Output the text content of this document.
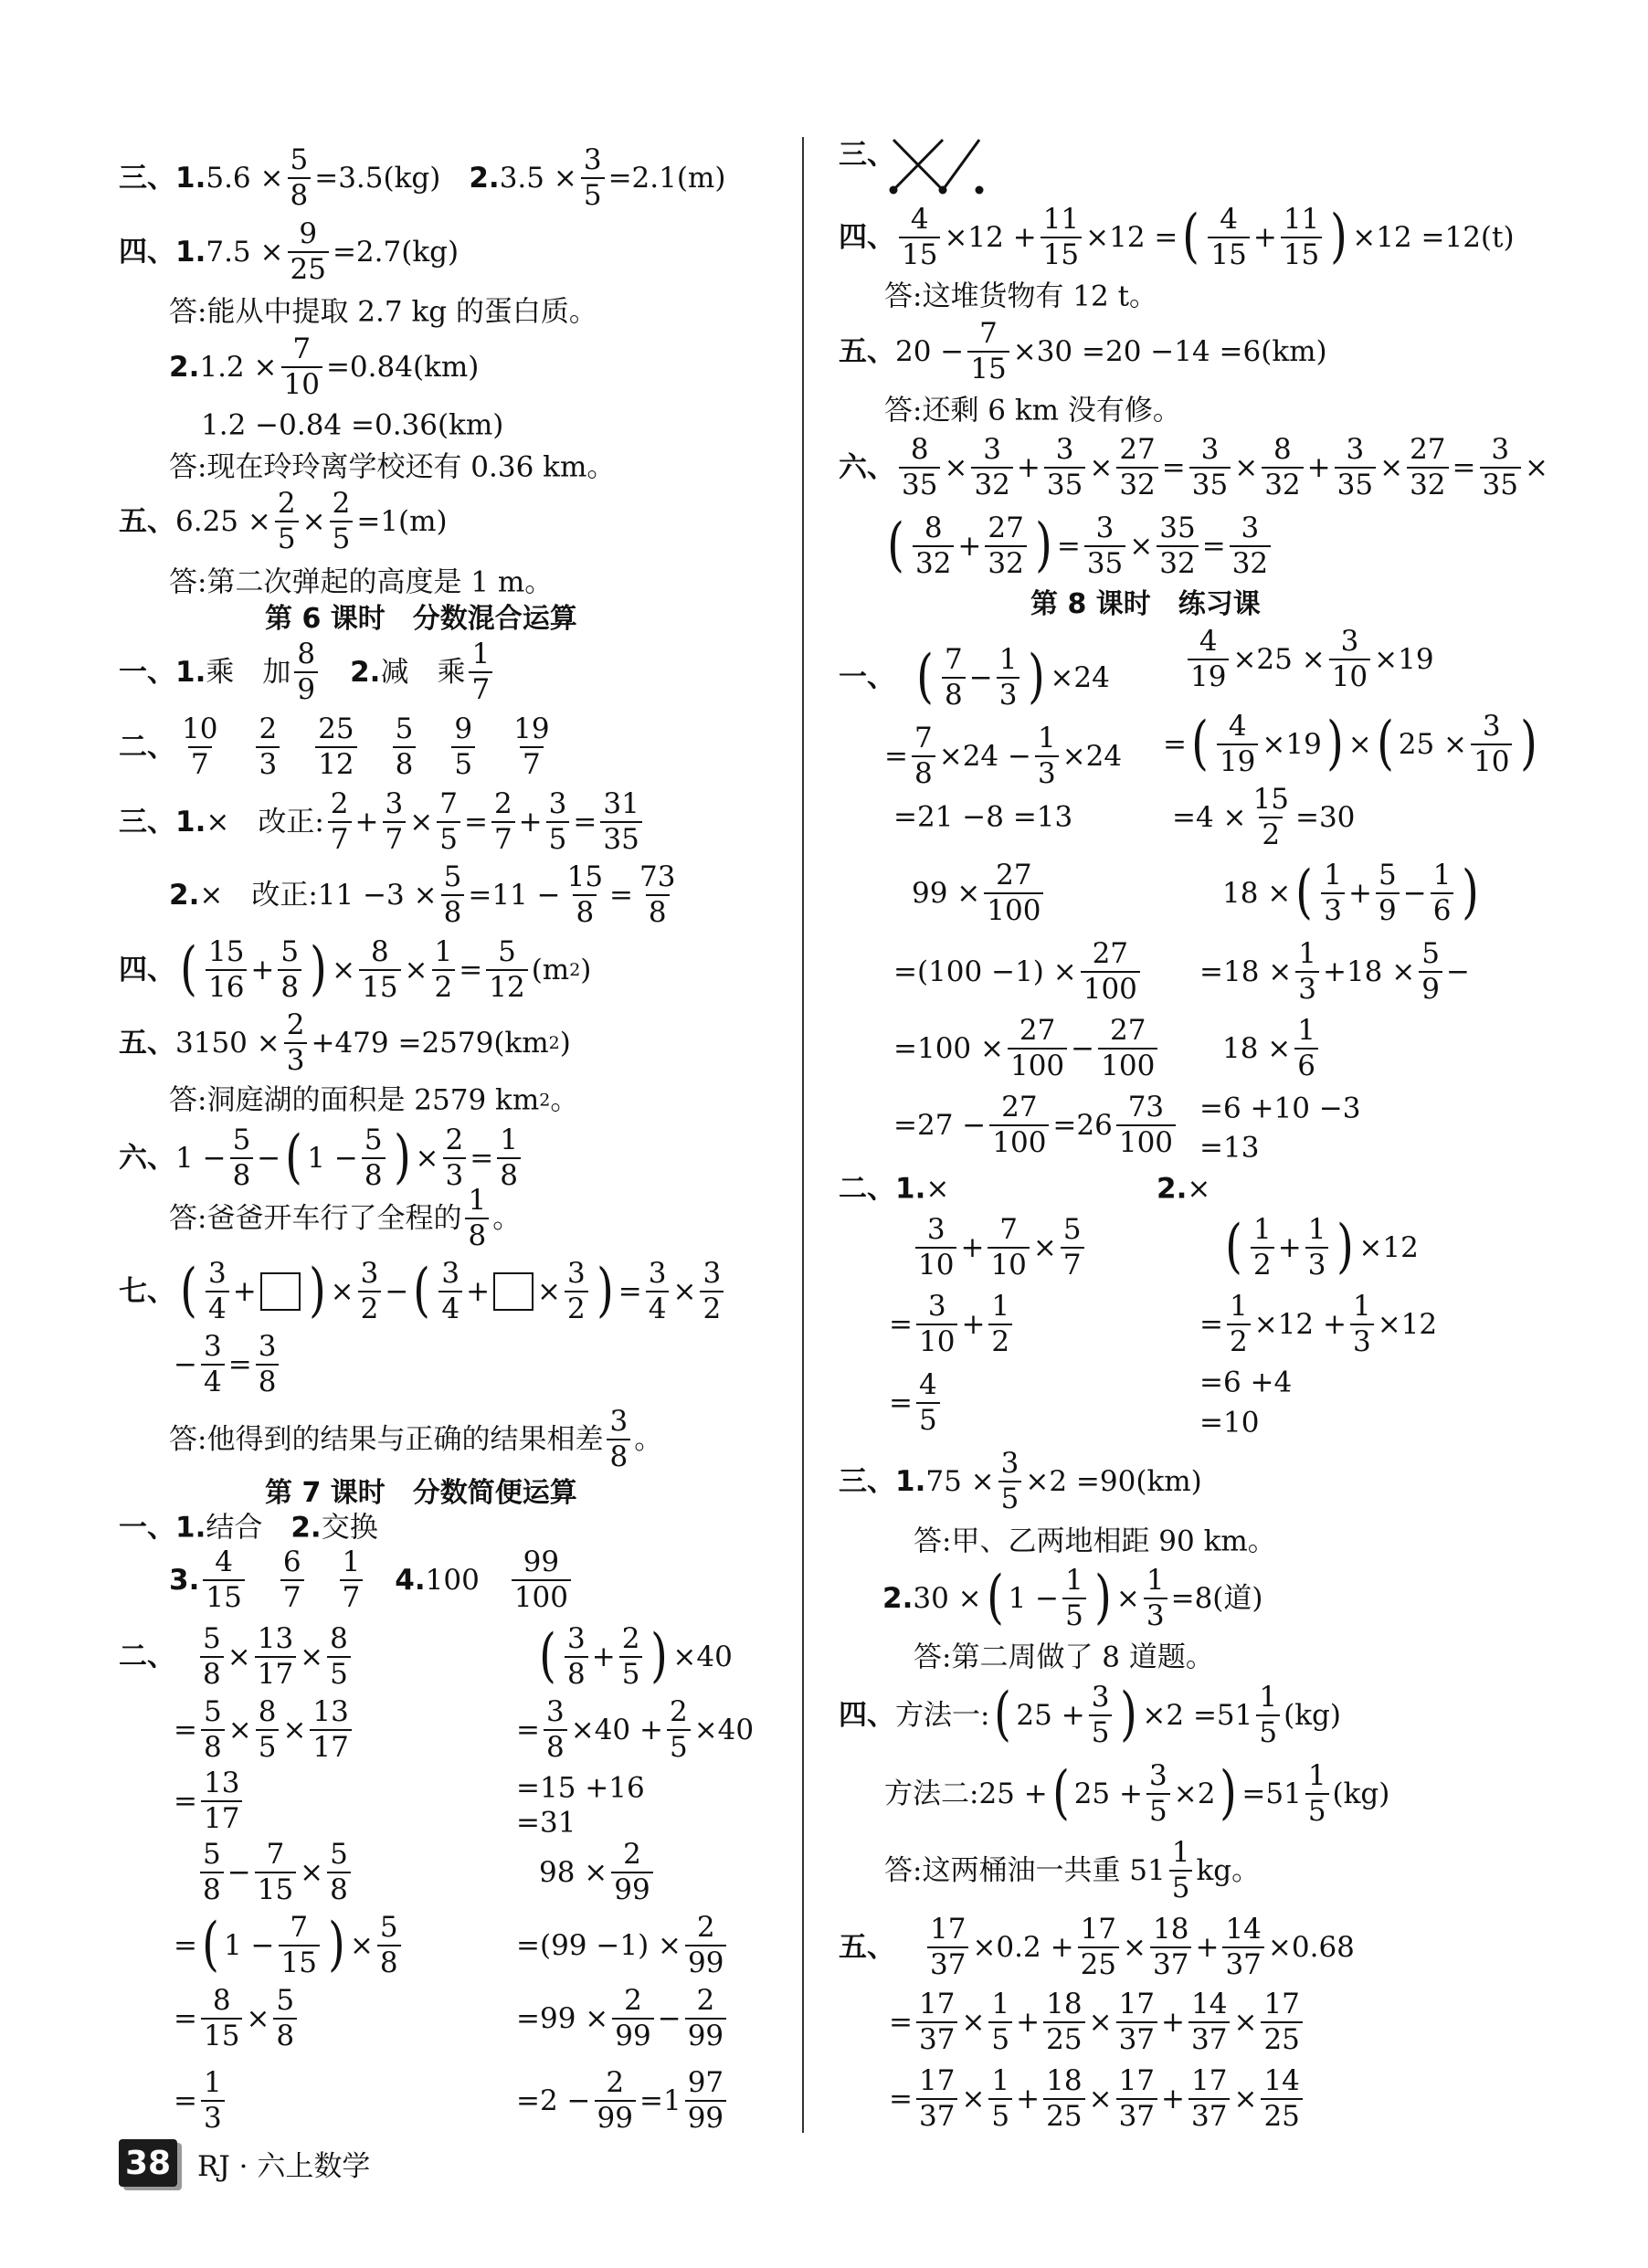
三、1. $5.6 \times \frac{5}{8} =3.5(kg)$　 2. $3.5 \times \frac{3}{5} =2.1(m)$
四、1. $7.5 \times \frac{9}{25} =2.7(kg)$
答:能从中提取 2.7 kg 的蛋白质。
2. $1.2 \times \frac{7}{10} =0.84(km)$
1.2 −0.84 =0.36(km)
答:现在玲玲离学校还有 0.36 km。
五、 $6.25 \times \frac{2}{5} \times \frac{2}{5} =1(m)$
答:第二次弹起的高度是 1 m。
第 6 课时　分数混合运算
一、1. 乘　加 $\frac{8}{9}$
　 2. 减　乘 $\frac{1}{7}$
二、 $\frac{10}{7}$
　 $\frac{2}{3}$
　 $\frac{25}{12}$
　 $\frac{5}{8}$
　 $\frac{9}{5}$
　 $\frac{19}{7}$
三、1. ×　改正: $\frac{2}{7} + \frac{3}{7} \times \frac{7}{5} = \frac{2}{7} + \frac{3}{5} = \frac{31}{35}$
2. ×　改正:11 $-3 \times \frac{5}{8} =11 - \frac{15}{8} = \frac{73}{8}$
四、 ( $\frac{15}{16} + \frac{5}{8}$ ) × $\frac{8}{15} \times \frac{1}{2} = \frac{5}{12} (m$ 2 )
五、 $3150 \times \frac{2}{3} +479 =2579(km$ 2 )
答:洞庭湖的面积是 2579 km 2 。
六、 $1 - \frac{5}{8}$ − ( $1 - \frac{5}{8}$ ) × $\frac{2}{3} = \frac{1}{8}$
答:爸爸开车行了全程的 $\frac{1}{8}$ 。
七、 ( $\frac{3}{4}$ + ) × $\frac{3}{2}$ − ( $\frac{3}{4}$ + × $\frac{3}{2}$ ) = $\frac{3}{4} \times \frac{3}{2}$
− $\frac{3}{4} = \frac{3}{8}$
答:他得到的结果与正确的结果相差 $\frac{3}{8}$ 。
第 7 课时　分数简便运算
一、1. 结合　 2. 交换
3. $\frac{4}{15}$
　 $\frac{6}{7}$
　 $\frac{1}{7}$
　 4. 100　 $\frac{99}{100}$
二、 $\frac{5}{8} \times \frac{13}{17} \times \frac{8}{5}$
= $\frac{5}{8} \times \frac{8}{5} \times \frac{13}{17}$
= $\frac{13}{17}$
$\frac{5}{8} - \frac{7}{15} \times \frac{5}{8}$
= ( $1 - \frac{7}{15}$ ) × $\frac{5}{8}$
= $\frac{8}{15} \times \frac{5}{8}$
= $\frac{1}{3}$
( $\frac{3}{8} + \frac{2}{5}$ ) ×40
= $\frac{3}{8} \times 40 + \frac{2}{5} \times 40$
=15 +16
=31
$98 \times \frac{2}{99}$
$=(99 -1) \times \frac{2}{99}$
$=99 \times \frac{2}{99} - \frac{2}{99}$
$=2 - \frac{2}{99} =1 \frac{97}{99}$
三、
四、 $\frac{4}{15} \times 12 + \frac{11}{15} \times 12$ = ( $\frac{4}{15} + \frac{11}{15}$ ) ×12 =12(t)
答:这堆货物有 12 t。
五、 $20 - \frac{7}{15} \times 30 =20 -14 =6(km)$
答:还剩 6 km 没有修。
六、 $\frac{8}{35} \times \frac{3}{32} + \frac{3}{35} \times \frac{27}{32} = \frac{3}{35} \times \frac{8}{32} + \frac{3}{35} \times \frac{27}{32} = \frac{3}{35}$ ×
( $\frac{8}{32} + \frac{27}{32}$ ) = $\frac{3}{35} \times \frac{35}{32} = \frac{3}{32}$
第 8 课时　练习课
一、 ( $\frac{7}{8} - \frac{1}{3}$ ) ×24
= $\frac{7}{8} \times 24 - \frac{1}{3} \times 24$
=21 −8 =13
$\frac{4}{19} \times 25 \times \frac{3}{10} \times 19$
= ( $\frac{4}{19} \times 19$ ) × ( $25 \times \frac{3}{10}$ )
$=4 \times \frac{15}{2} =30$
$99 \times \frac{27}{100}$
$=(100 -1) \times \frac{27}{100}$
$=100 \times \frac{27}{100} - \frac{27}{100}$
$=27 - \frac{27}{100} =26 \frac{73}{100}$
18 × ( $\frac{1}{3} + \frac{5}{9} - \frac{1}{6}$ )
$=18 \times \frac{1}{3} +18 \times \frac{5}{9}$ −
$18 \times \frac{1}{6}$
=6 +10 −3
=13
二、1. ×	2. ×
$\frac{3}{10} + \frac{7}{10} \times \frac{5}{7}$
= $\frac{3}{10} + \frac{1}{2}$
= $\frac{4}{5}$
( $\frac{1}{2} + \frac{1}{3}$ ) ×12
= $\frac{1}{2} \times 12 + \frac{1}{3} \times 12$
=6 +4
=10
三、1. $75 \times \frac{3}{5} \times 2 =90(km)$
答:甲、乙两地相距 90 km。
2. 30 × ( $1 - \frac{1}{5}$ ) × $\frac{1}{3} =8$(道)
答:第二周做了 8 道题。
四、 方法一: ( $25 + \frac{3}{5}$ ) $\times 2 =51 \frac{1}{5} (kg)$
方法二:25 + ( $25 + \frac{3}{5} \times 2$ ) $=51 \frac{1}{5} (kg)$
答:这两桶油一共重 $51 \frac{1}{5}$ kg。
五、
　 $\frac{17}{37} \times 0.2 + \frac{17}{25} \times \frac{18}{37} + \frac{14}{37} \times 0.68$
= $\frac{17}{37} \times \frac{1}{5} + \frac{18}{25} \times \frac{17}{37} + \frac{14}{37} \times \frac{17}{25}$
= $\frac{17}{37} \times \frac{1}{5} + \frac{18}{25} \times \frac{17}{37} + \frac{17}{37} \times \frac{14}{25}$
38 RJ · 六上数学
